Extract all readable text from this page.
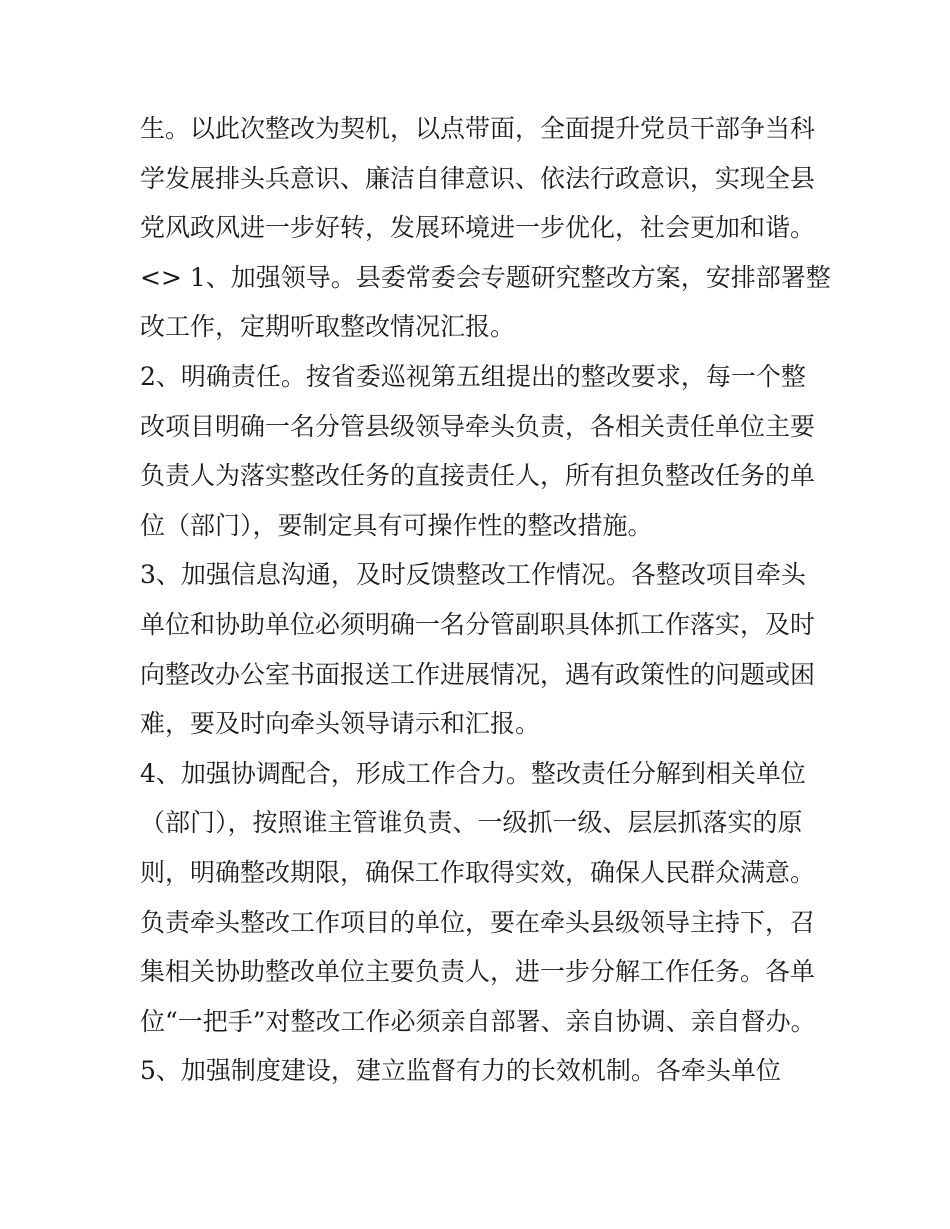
生。以此次整改为契机，以点带面，全面提升党员干部争当科
学发展排头兵意识、廉洁自律意识、依法行政意识，实现全县
党风政风进一步好转，发展环境进一步优化，社会更加和谐。
<> 1、加强领导。县委常委会专题研究整改方案，安排部署整
改工作，定期听取整改情况汇报。
2、明确责任。按省委巡视第五组提出的整改要求，每一个整
改项目明确一名分管县级领导牵头负责，各相关责任单位主要
负责人为落实整改任务的直接责任人，所有担负整改任务的单
位（部门），要制定具有可操作性的整改措施。
3、加强信息沟通，及时反馈整改工作情况。各整改项目牵头
单位和协助单位必须明确一名分管副职具体抓工作落实，及时
向整改办公室书面报送工作进展情况，遇有政策性的问题或困
难，要及时向牵头领导请示和汇报。
4、加强协调配合，形成工作合力。整改责任分解到相关单位
（部门），按照谁主管谁负责、一级抓一级、层层抓落实的原
则，明确整改期限，确保工作取得实效，确保人民群众满意。
负责牵头整改工作项目的单位，要在牵头县级领导主持下，召
集相关协助整改单位主要负责人，进一步分解工作任务。各单
位“一把手”对整改工作必须亲自部署、亲自协调、亲自督办。
5、加强制度建设，建立监督有力的长效机制。各牵头单位
